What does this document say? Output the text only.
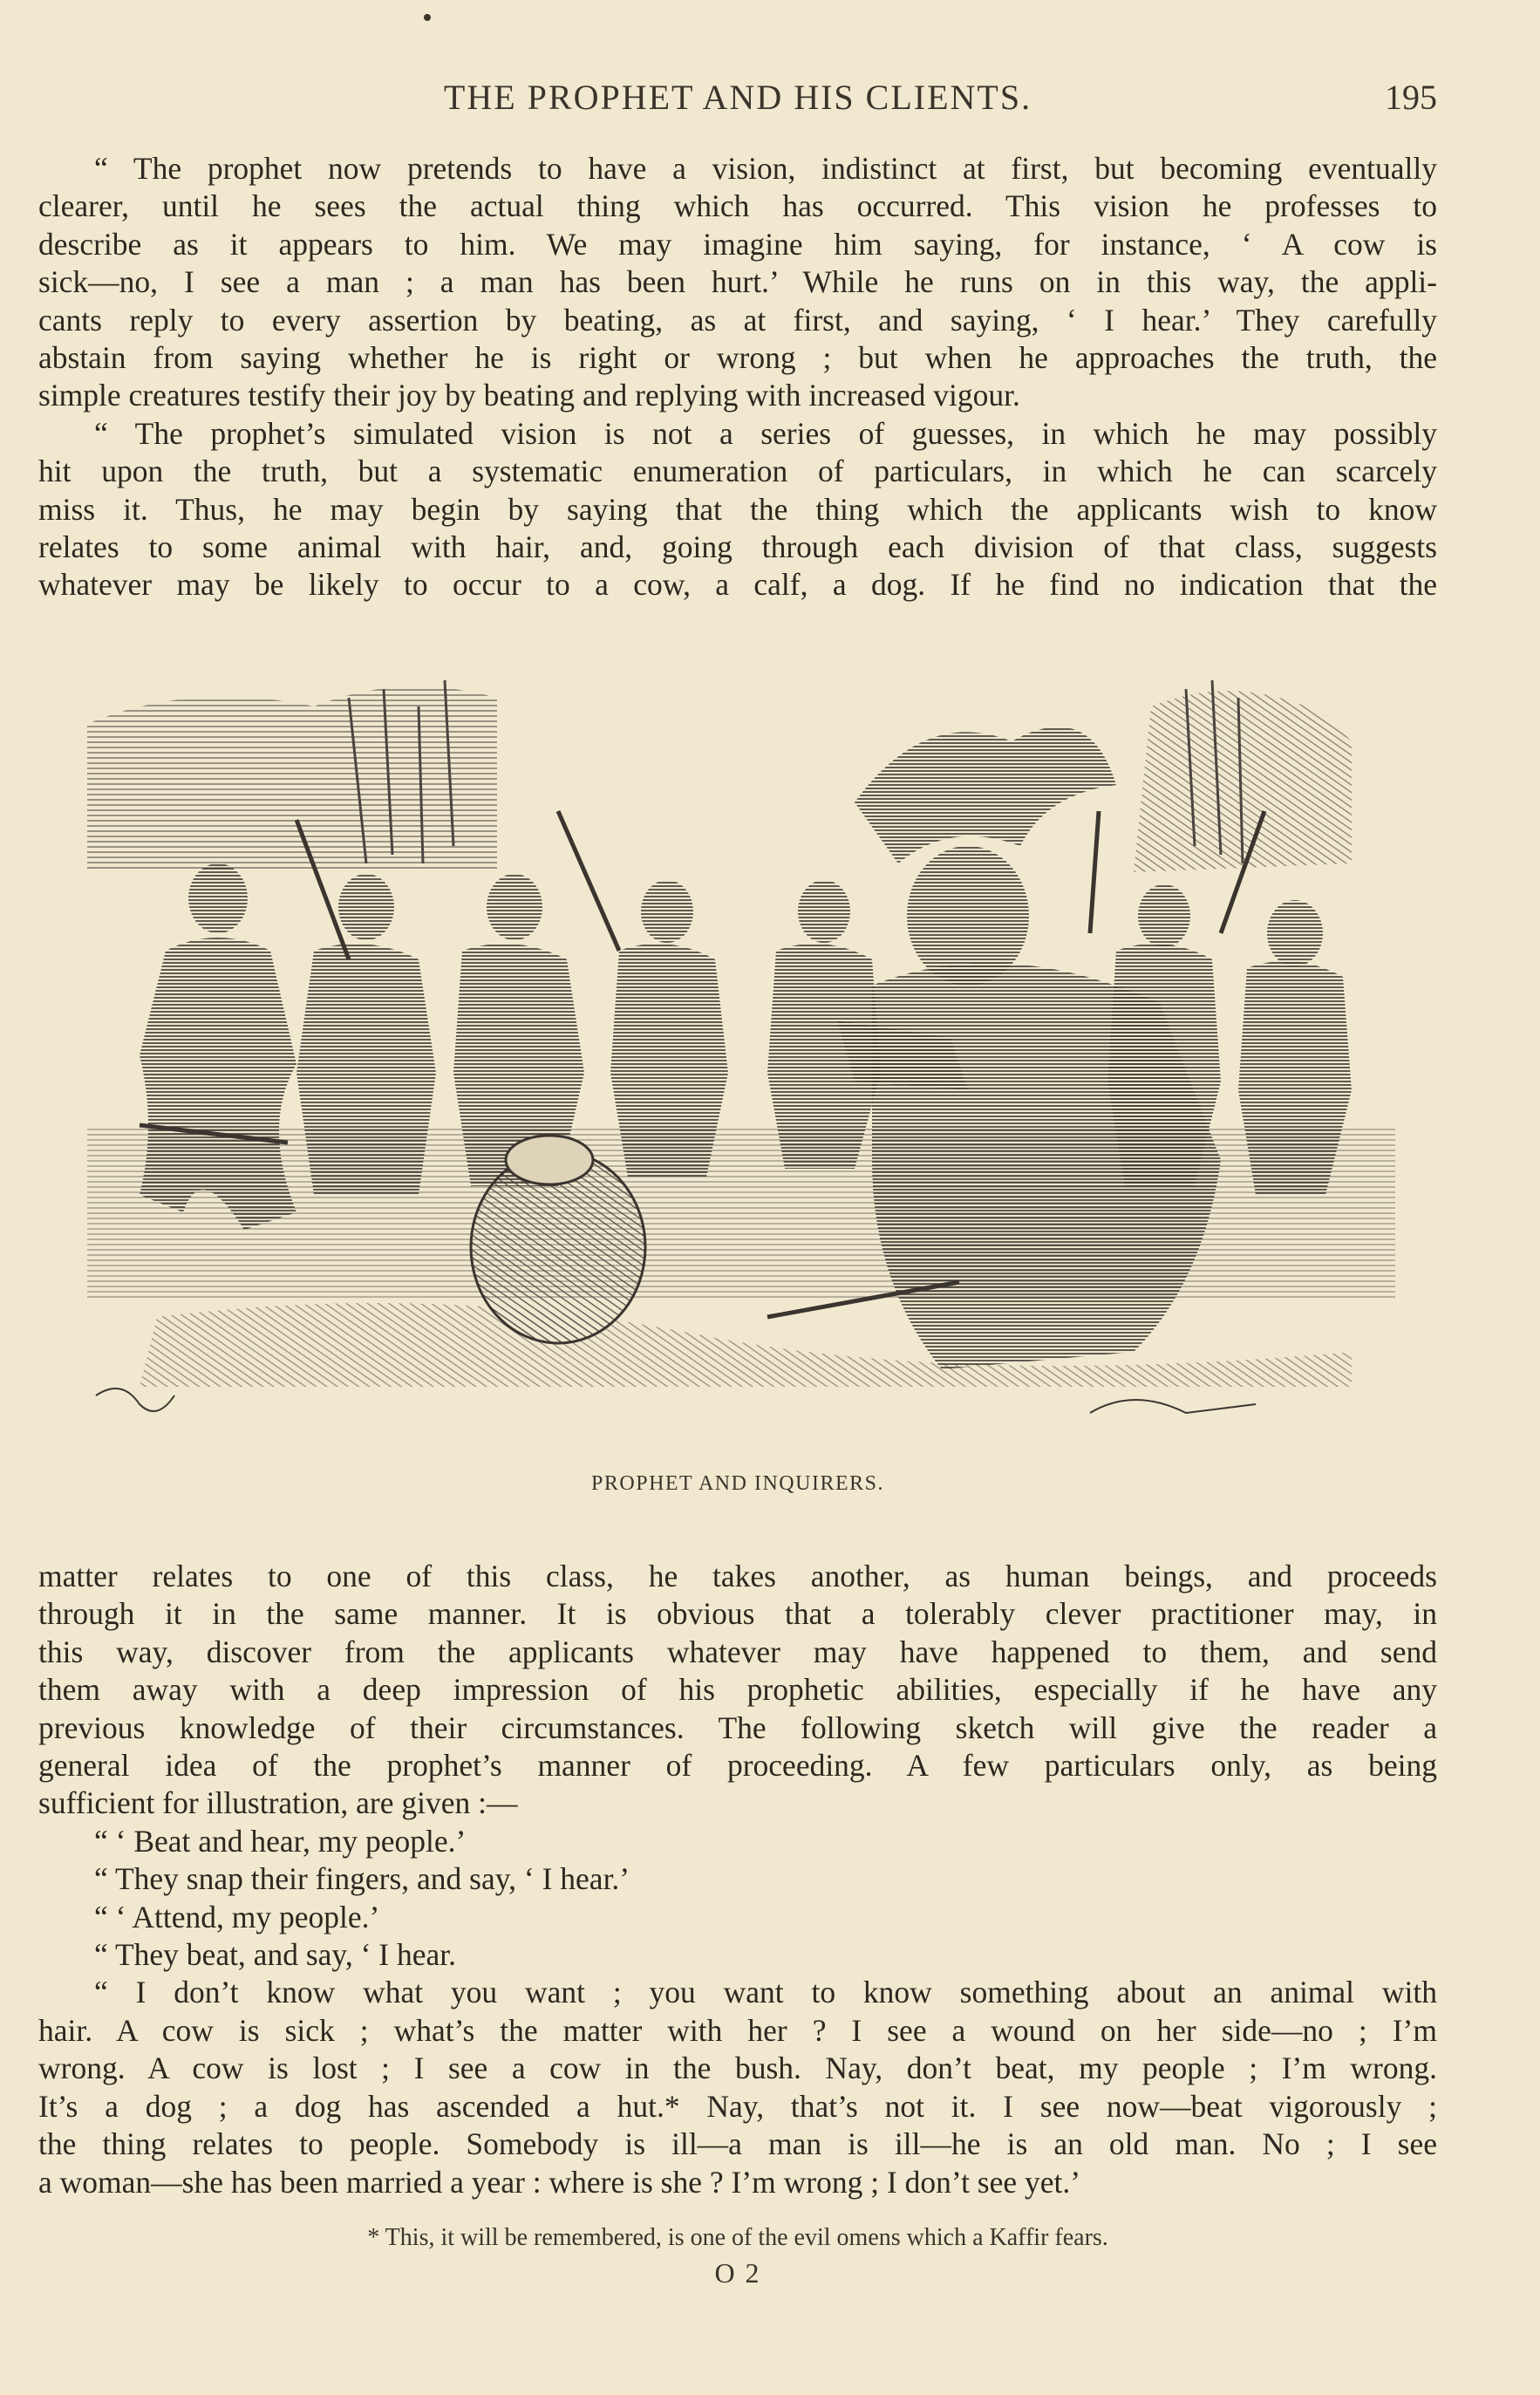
THE PROPHET AND HIS CLIENTS.	195
“ The prophet now pretends to have a vision, indistinct at first, but becoming eventually
clearer, until he sees the actual thing which has occurred. This vision he professes to
describe as it appears to him. We may imagine him saying, for instance, ‘ A cow is
sick—no, I see a man ; a man has been hurt.’ While he runs on in this way, the appli-
cants reply to every assertion by beating, as at first, and saying, ‘ I hear.’ They carefully
abstain from saying whether he is right or wrong ; but when he approaches the truth, the
simple creatures testify their joy by beating and replying with increased vigour.
“ The prophet’s simulated vision is not a series of guesses, in which he may possibly
hit upon the truth, but a systematic enumeration of particulars, in which he can scarcely
miss it. Thus, he may begin by saying that the thing which the applicants wish to know
relates to some animal with hair, and, going through each division of that class, suggests
whatever may be likely to occur to a cow, a calf, a dog. If he find no indication that the
PROPHET AND INQUIRERS.
matter relates to one of this class, he takes another, as human beings, and proceeds
through it in the same manner. It is obvious that a tolerably clever practitioner may, in
this way, discover from the applicants whatever may have happened to them, and send
them away with a deep impression of his prophetic abilities, especially if he have any
previous knowledge of their circumstances. The following sketch will give the reader a
general idea of the prophet’s manner of proceeding. A few particulars only, as being
sufficient for illustration, are given :—
“ ‘ Beat and hear, my people.’
“ They snap their fingers, and say, ‘ I hear.’
“ ‘ Attend, my people.’
“ They beat, and say, ‘ I hear.
“ I don’t know what you want ; you want to know something about an animal with
hair. A cow is sick ; what’s the matter with her ? I see a wound on her side—no ; I’m
wrong. A cow is lost ; I see a cow in the bush. Nay, don’t beat, my people ; I’m wrong.
It’s a dog ; a dog has ascended a hut.* Nay, that’s not it. I see now—beat vigorously ;
the thing relates to people. Somebody is ill—a man is ill—he is an old man. No ; I see
a woman—she has been married a year : where is she ? I’m wrong ; I don’t see yet.’
* This, it will be remembered, is one of the evil omens which a Kaffir fears.
O 2
